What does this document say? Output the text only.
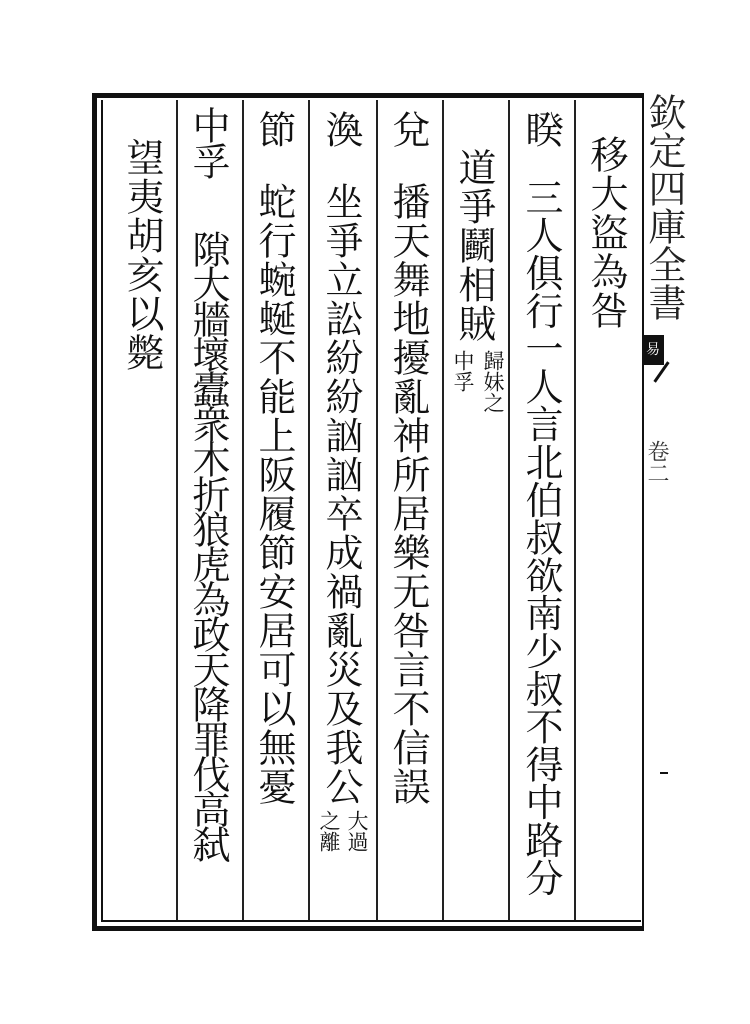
欽定四庫全書
易
卷二
移大盜為咎
睽
三人俱行一人言北伯叔欲南少叔不得中路分
道爭鬬相賊
歸妹之
中孚
兌
播天舞地擾亂神所居樂无咎言不信誤
渙
坐爭立訟紛紛訩訩卒成禍亂災及我公
大過
之離
節
蛇行蜿蜒不能上阪履節安居可以無憂
中孚
隙大牆壞蠹衆木折狼虎為政天降罪伐高弑
望夷胡亥以斃
